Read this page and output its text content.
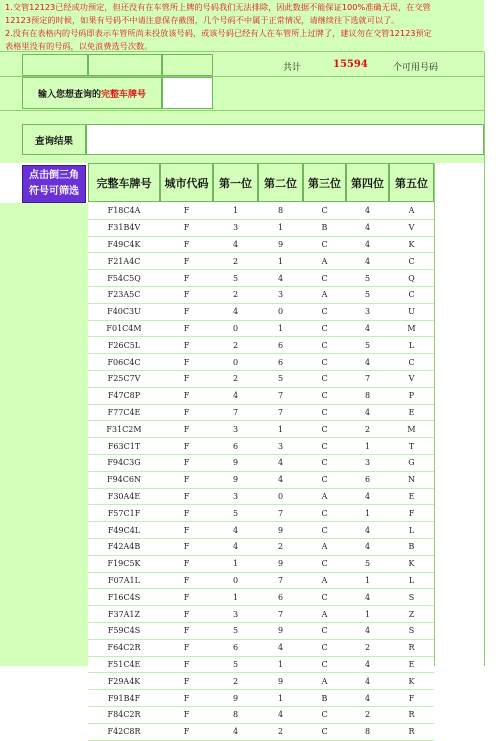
1.交管12123已经成功预定，但还没有在车管所上牌的号码我们无法排除，因此数据不能保证100%准确无误，在交管
12123预定的时候，如果有号码不中请注意保存截图，几个号码不中属于正常情况，请继续往下选就可以了。
2.没有在表格内的号码即表示车管所尚未投放该号码，或该号码已经有人在车管所上过牌了，建议勿在交管12123预定
表格里没有的号码，以免浪费选号次数。
共计	15594	个可用号码
输入您想查询的 完整车牌号
查询结果
点击倒三角
符号可筛选
完整车牌号	城市代码 第一位	第二位	第三位 第四位	第五位
F18C4A	F	1	8	C	4	A
F31B4V	F	3	1	B	4	V
F49C4K	F	4	9	C	4	K
F21A4C	F	2	1	A	4	C
F54C5Q	F	5	4	C	5	Q
F23A5C	F	2	3	A	5	C
F40C3U	F	4	0	C	3	U
F01C4M	F	0	1	C	4	M
F26C5L	F	2	6	C	5	L
F06C4C	F	0	6	C	4	C
F25C7V	F	2	5	C	7	V
F47C8P	F	4	7	C	8	P
F77C4E	F	7	7	C	4	E
F31C2M	F	3	1	C	2	M
F63C1T	F	6	3	C	1	T
F94C3G	F	9	4	C	3	G
F94C6N	F	9	4	C	6	N
F30A4E	F	3	0	A	4	E
F57C1F	F	5	7	C	1	F
F49C4L	F	4	9	C	4	L
F42A4B	F	4	2	A	4	B
F19C5K	F	1	9	C	5	K
F07A1L	F	0	7	A	1	L
F16C4S	F	1	6	C	4	S
F37A1Z	F	3	7	A	1	Z
F59C4S	F	5	9	C	4	S
F64C2R	F	6	4	C	2	R
F51C4E	F	5	1	C	4	E
F29A4K	F	2	9	A	4	K
F91B4F	F	9	1	B	4	F
F84C2R	F	8	4	C	2	R
F42C8R	F	4	2	C	8	R
